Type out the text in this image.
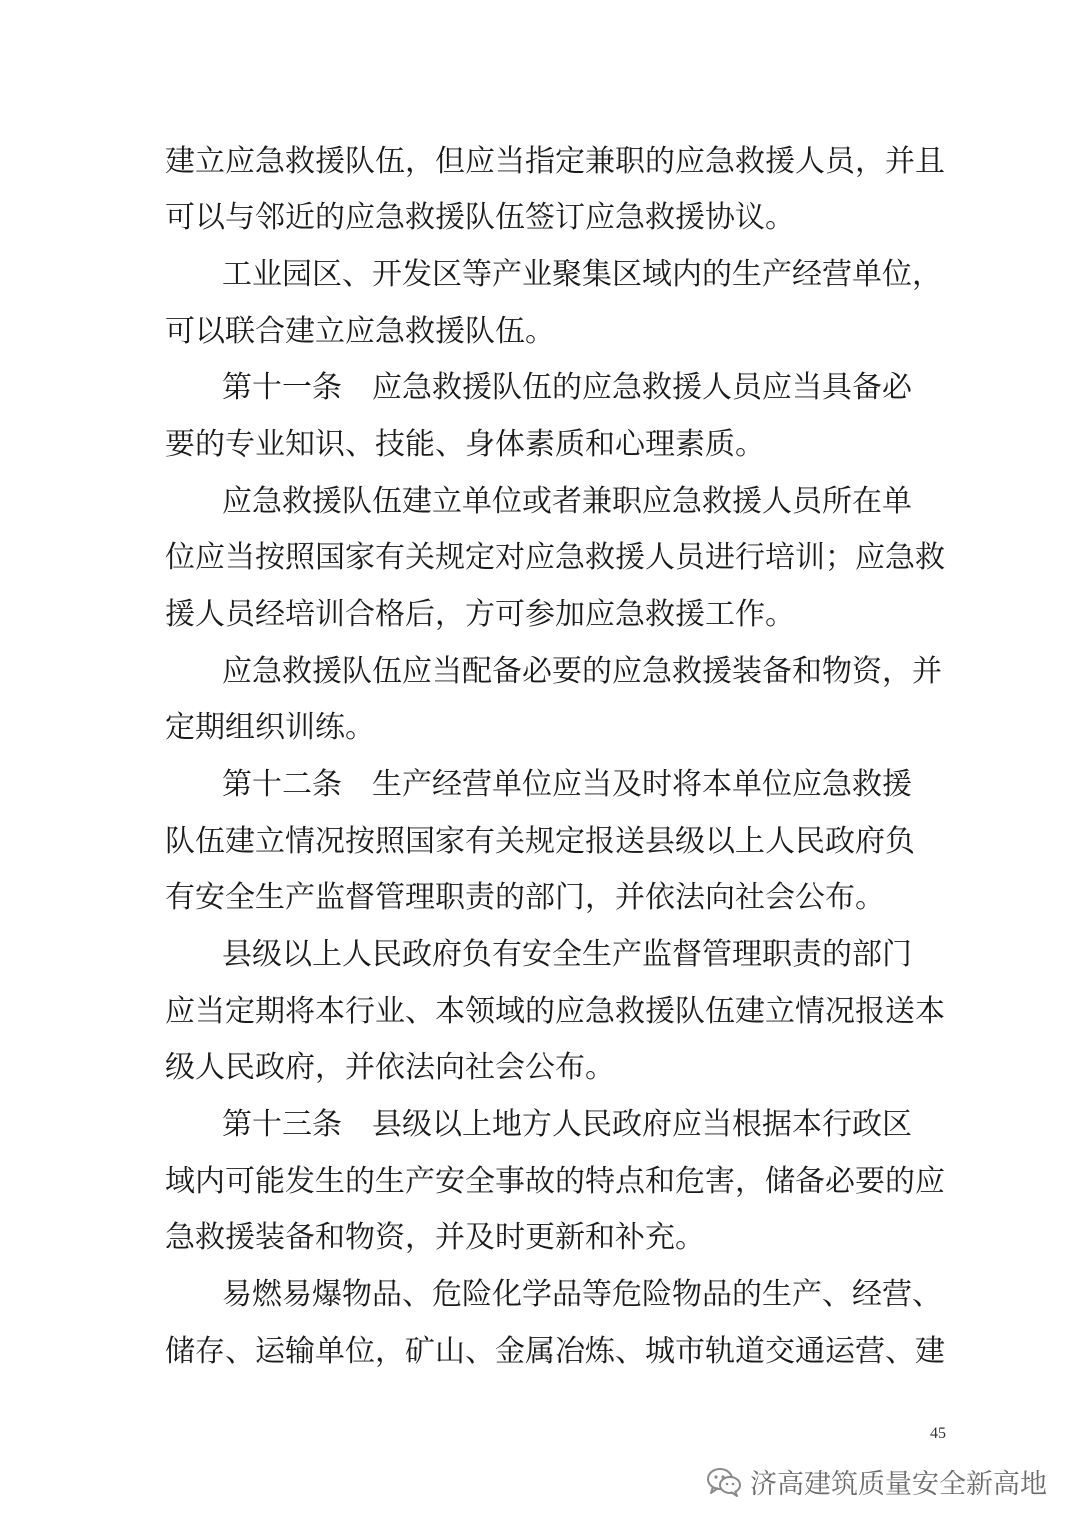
建立应急救援队伍，但应当指定兼职的应急救援人员，并且
可以与邻近的应急救援队伍签订应急救援协议。
工业园区、开发区等产业聚集区域内的生产经营单位，
可以联合建立应急救援队伍。
第十一条　应急救援队伍的应急救援人员应当具备必
要的专业知识、技能、身体素质和心理素质。
应急救援队伍建立单位或者兼职应急救援人员所在单
位应当按照国家有关规定对应急救援人员进行培训；应急救
援人员经培训合格后，方可参加应急救援工作。
应急救援队伍应当配备必要的应急救援装备和物资，并
定期组织训练。
第十二条　生产经营单位应当及时将本单位应急救援
队伍建立情况按照国家有关规定报送县级以上人民政府负
有安全生产监督管理职责的部门，并依法向社会公布。
县级以上人民政府负有安全生产监督管理职责的部门
应当定期将本行业、本领域的应急救援队伍建立情况报送本
级人民政府，并依法向社会公布。
第十三条　县级以上地方人民政府应当根据本行政区
域内可能发生的生产安全事故的特点和危害，储备必要的应
急救援装备和物资，并及时更新和补充。
易燃易爆物品、危险化学品等危险物品的生产、经营、
储存、运输单位，矿山、金属冶炼、城市轨道交通运营、建
45
济高建筑质量安全新高地
